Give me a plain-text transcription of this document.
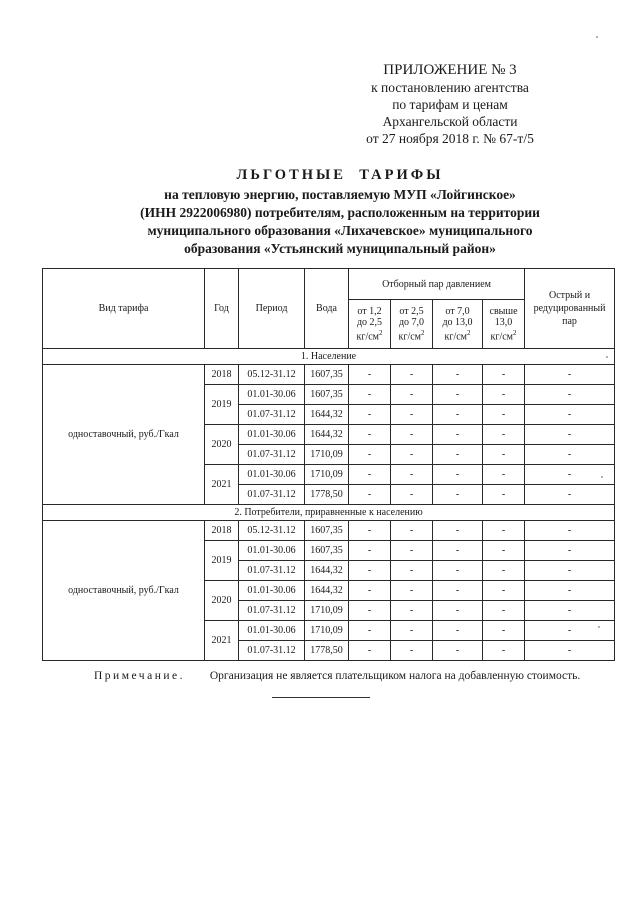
ПРИЛОЖЕНИЕ № 3
к постановлению агентства
по тарифам и ценам
Архангельской области
от 27 ноября 2018 г. № 67-т/5
ЛЬГОТНЫЕ ТАРИФЫ
на тепловую энергию, поставляемую МУП «Лойгинское»
(ИНН 2922006980) потребителям, расположенным на территории
муниципального образования «Лихачевское» муниципального
образования «Устьянский муниципальный район»
Вид тарифа	Год	Период	Вода	Отборный пар давлением				Острый и редуцированный пар
				от 1,2
до 2,5
$кг/см^2$	от 2,5
до 7,0
$кг/см^2$	от 7,0
до 13,0
$кг/см^2$	свыше
13,0
$кг/см^2$
1. Население								
одноставочный, руб./Гкал	2018	05.12-31.12	1607,35	-	-	-	-	-
	2019	01.01-30.06	1607,35	-	-	-	-	-
		01.07-31.12	1644,32	-	-	-	-	-
	2020	01.01-30.06	1644,32	-	-	-	-	-
		01.07-31.12	1710,09	-	-	-	-	-
	2021	01.01-30.06	1710,09	-	-	-	-	-
		01.07-31.12	1778,50	-	-	-	-	-
2. Потребители, приравненные к населению								
одноставочный, руб./Гкал	2018	05.12-31.12	1607,35	-	-	-	-	-
	2019	01.01-30.06	1607,35	-	-	-	-	-
		01.07-31.12	1644,32	-	-	-	-	-
	2020	01.01-30.06	1644,32	-	-	-	-	-
		01.07-31.12	1710,09	-	-	-	-	-
	2021	01.01-30.06	1710,09	-	-	-	-	-
		01.07-31.12	1778,50	-	-	-	-	-
Примечание. Организация не является плательщиком налога на добавленную стоимость.
